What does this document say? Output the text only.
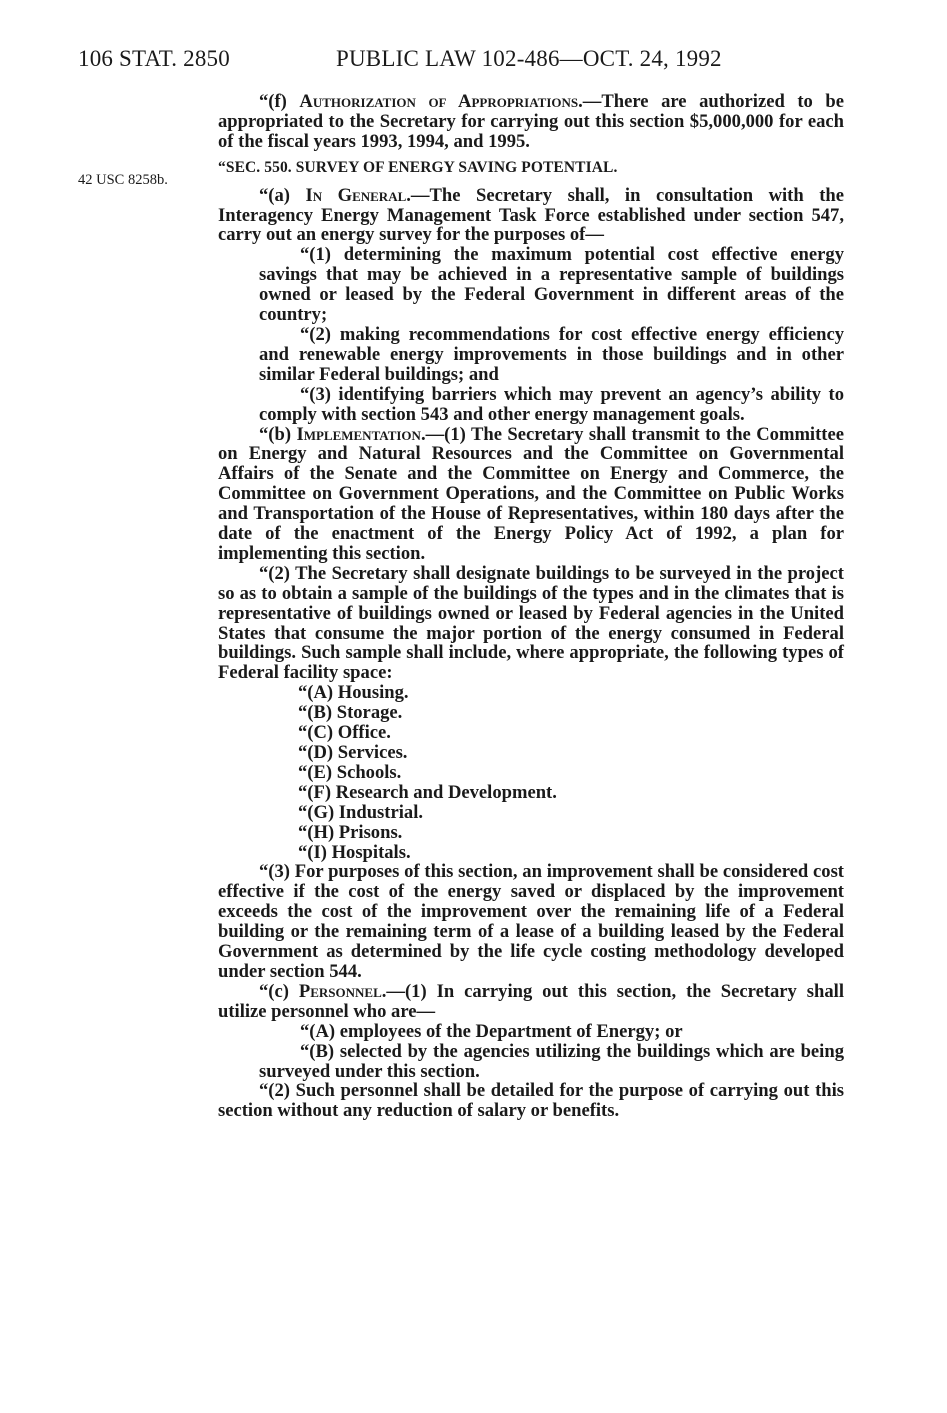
106 STAT. 2850	PUBLIC LAW 102-486—OCT. 24, 1992
42 USC 8258b.

“(f) Authorization of Appropriations.—There are authorized to be appropriated to the Secretary for carrying out this section $5,000,000 for each of the fiscal years 1993, 1994, and 1995.

“SEC. 550. SURVEY OF ENERGY SAVING POTENTIAL.

“(a) In General.—The Secretary shall, in consultation with the Interagency Energy Management Task Force established under section 547, carry out an energy survey for the purposes of—

“(1) determining the maximum potential cost effective energy savings that may be achieved in a representative sample of buildings owned or leased by the Federal Government in different areas of the country;

“(2) making recommendations for cost effective energy efficiency and renewable energy improvements in those buildings and in other similar Federal buildings; and

“(3) identifying barriers which may prevent an agency’s ability to comply with section 543 and other energy management goals.

“(b) Implementation.—(1) The Secretary shall transmit to the Committee on Energy and Natural Resources and the Committee on Governmental Affairs of the Senate and the Committee on Energy and Commerce, the Committee on Government Operations, and the Committee on Public Works and Transportation of the House of Representatives, within 180 days after the date of the enactment of the Energy Policy Act of 1992, a plan for implementing this section.

“(2) The Secretary shall designate buildings to be surveyed in the project so as to obtain a sample of the buildings of the types and in the climates that is representative of buildings owned or leased by Federal agencies in the United States that consume the major portion of the energy consumed in Federal buildings. Such sample shall include, where appropriate, the following types of Federal facility space:

“(A) Housing.

“(B) Storage.

“(C) Office.

“(D) Services.

“(E) Schools.

“(F) Research and Development.

“(G) Industrial.

“(H) Prisons.

“(I) Hospitals.

“(3) For purposes of this section, an improvement shall be considered cost effective if the cost of the energy saved or displaced by the improvement exceeds the cost of the improvement over the remaining life of a Federal building or the remaining term of a lease of a building leased by the Federal Government as determined by the life cycle costing methodology developed under section 544.

“(c) Personnel.—(1) In carrying out this section, the Secretary shall utilize personnel who are—

“(A) employees of the Department of Energy; or

“(B) selected by the agencies utilizing the buildings which are being surveyed under this section.

“(2) Such personnel shall be detailed for the purpose of carrying out this section without any reduction of salary or benefits.
